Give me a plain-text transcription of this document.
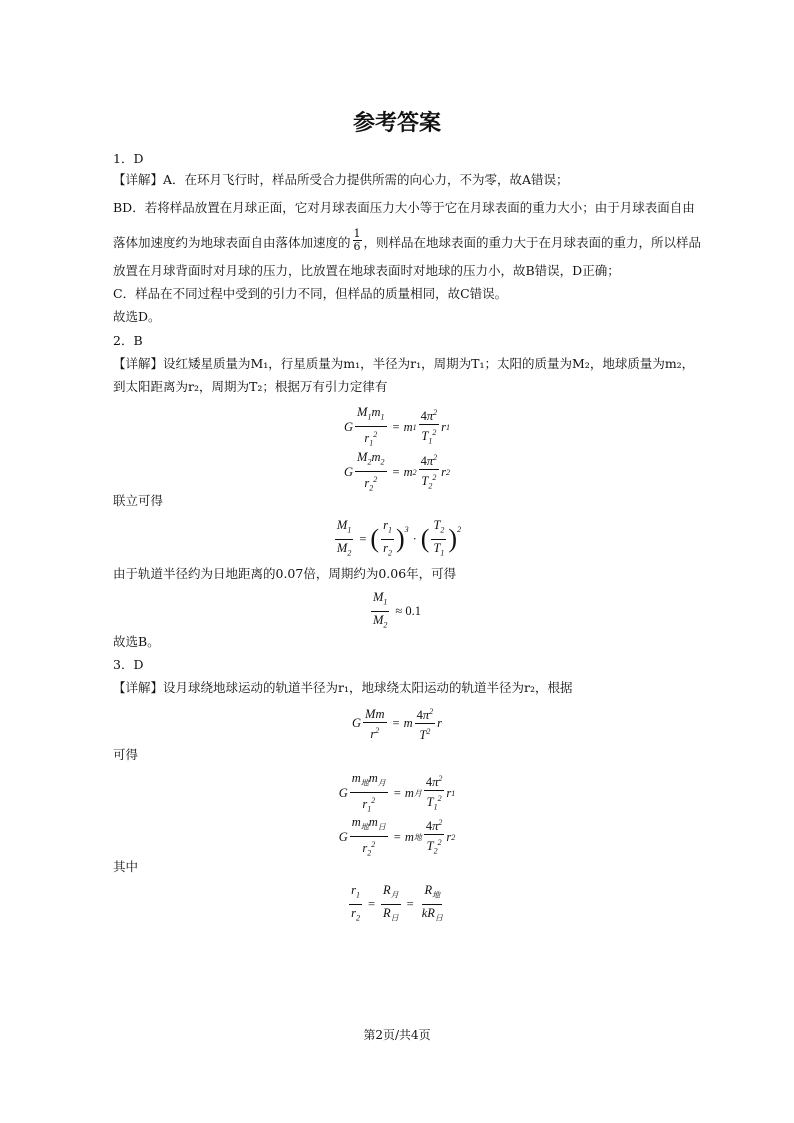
参考答案
1．D
【详解】A．在环月飞行时，样品所受合力提供所需的向心力，不为零，故A错误；
BD．若将样品放置在月球正面，它对月球表面压力大小等于它在月球表面的重力大小；由于月球表面自由
落体加速度约为地球表面自由落体加速度的 $\frac{1}{6}$ ，则样品在地球表面的重力大于在月球表面的重力，所以样品
放置在月球背面时对月球的压力，比放置在地球表面时对地球的压力小，故B错误，D正确；
C．样品在不同过程中受到的引力不同，但样品的质量相同，故C错误。
故选D。
2．B
【详解】设红矮星质量为M₁，行星质量为m₁，半径为r₁，周期为T₁；太阳的质量为M₂，地球质量为m₂，
到太阳距离为r₂，周期为T₂；根据万有引力定律有
G $\frac{M_1m_1}{r_1^2} = m$ $1 \frac{4\pi^2}{T_1^2}$ r 1
G $\frac{M_2m_2}{r_2^2} = m$ $2 \frac{4\pi^2}{T_2^2}$ r 2
联立可得
$\frac{M_1}{M_2}$ = ( $\frac{r_1}{r_2} )^3$
· ( $\frac{T_2}{T_1} )^2$
由于轨道半径约为日地距离的0.07倍，周期约为0.06年，可得
$\frac{M_1}{M_2} \approx 0.1$
故选B。
3．D
【详解】设月球绕地球运动的轨道半径为r₁，地球绕太阳运动的轨道半径为r₂，根据
G $\frac{Mm}{r^2} = m \frac{4\pi^2}{T^2}$ r
可得
G $\frac{m_地m_月}{r_1^2} = m$ 月 $\frac{4\pi^2}{T_1^2}$ r 1
G $\frac{m_地m_日}{r_2^2} = m$ 地 $\frac{4\pi^2}{T_2^2}$ r 2
其中
$\frac{r_1}{r_2} = \frac{R_月}{R_日} = \frac{R_地}{kR_日}$
第2页/共4页
